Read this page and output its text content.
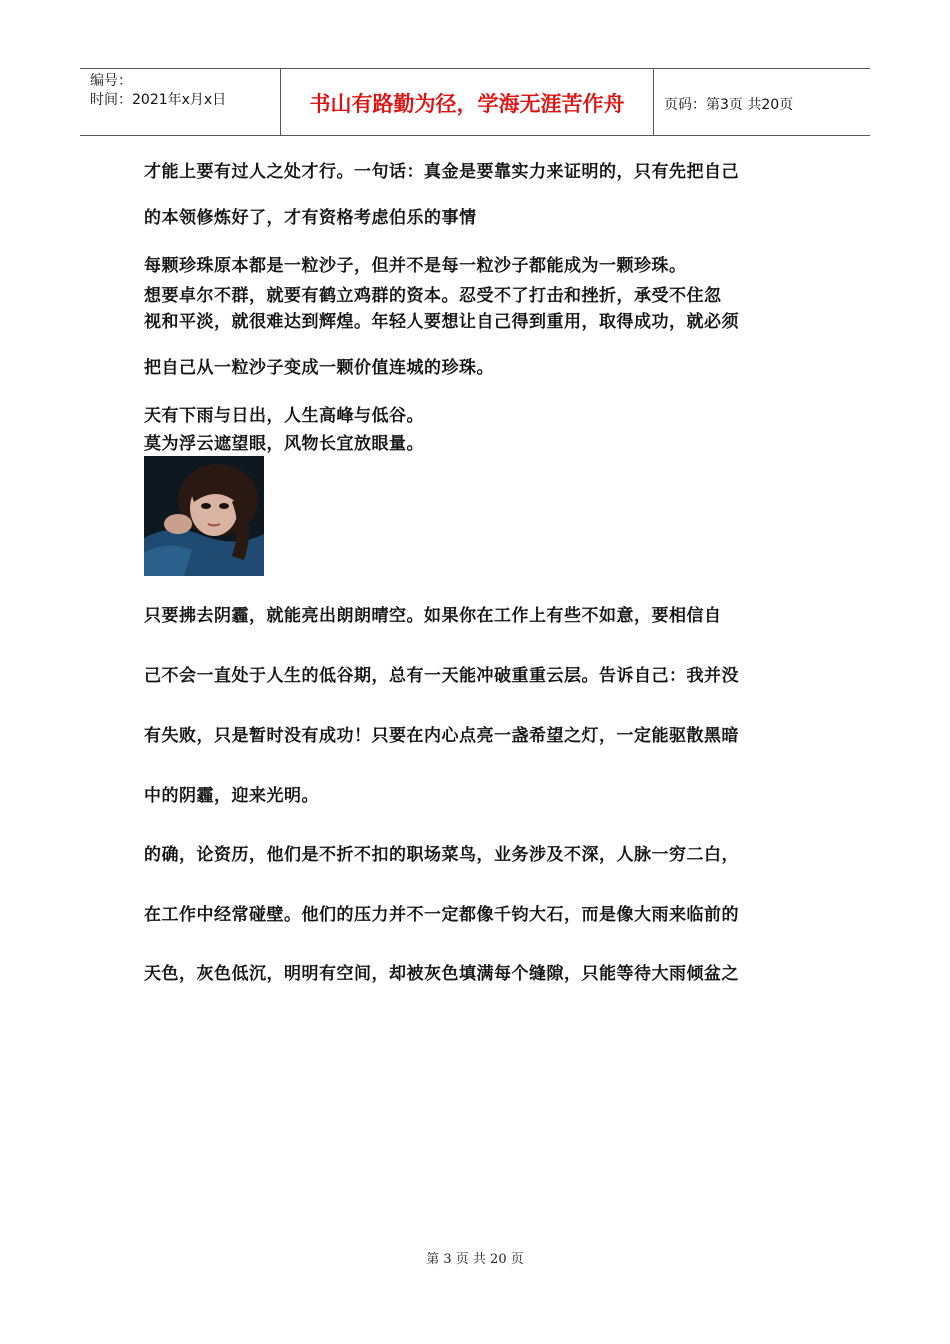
编号：
时间：2021年x月x日	书山有路勤为径，学海无涯苦作舟	页码：第3页 共20页
才能上要有过人之处才行。一句话：真金是要靠实力来证明的，只有先把自己
的本领修炼好了，才有资格考虑伯乐的事情
每颗珍珠原本都是一粒沙子，但并不是每一粒沙子都能成为一颗珍珠。
想要卓尔不群，就要有鹤立鸡群的资本。忍受不了打击和挫折，承受不住忽
视和平淡，就很难达到辉煌。年轻人要想让自己得到重用，取得成功，就必须
把自己从一粒沙子变成一颗价值连城的珍珠。
天有下雨与日出，人生高峰与低谷。
莫为浮云遮望眼，风物长宜放眼量。
只要拂去阴霾，就能亮出朗朗晴空。如果你在工作上有些不如意，要相信自
己不会一直处于人生的低谷期，总有一天能冲破重重云层。告诉自己：我并没
有失败，只是暂时没有成功！只要在内心点亮一盏希望之灯，一定能驱散黑暗
中的阴霾，迎来光明。
的确，论资历，他们是不折不扣的职场菜鸟，业务涉及不深，人脉一穷二白，
在工作中经常碰壁。他们的压力并不一定都像千钧大石，而是像大雨来临前的
天色，灰色低沉，明明有空间，却被灰色填满每个缝隙，只能等待大雨倾盆之
第 3 页 共 20 页
